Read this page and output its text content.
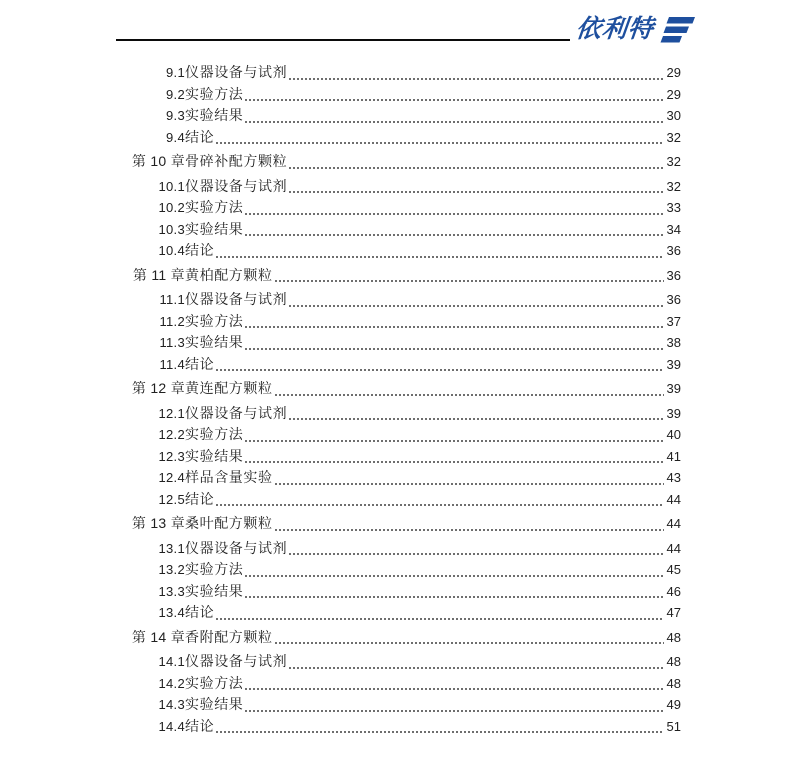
依利特
9.1 仪器设备与试剂	29
9.2 实验方法	29
9.3 实验结果	30
9.4 结论	32
第 10 章 骨碎补配方颗粒	32
10.1 仪器设备与试剂	32
10.2 实验方法	33
10.3 实验结果	34
10.4 结论	36
第 11 章 黄柏配方颗粒	36
11.1 仪器设备与试剂	36
11.2 实验方法	37
11.3 实验结果	38
11.4 结论	39
第 12 章 黄连配方颗粒	39
12.1 仪器设备与试剂	39
12.2 实验方法	40
12.3 实验结果	41
12.4 样品含量实验	43
12.5 结论	44
第 13 章 桑叶配方颗粒	44
13.1 仪器设备与试剂	44
13.2 实验方法	45
13.3 实验结果	46
13.4 结论	47
第 14 章 香附配方颗粒	48
14.1 仪器设备与试剂	48
14.2 实验方法	48
14.3 实验结果	49
14.4 结论	51
